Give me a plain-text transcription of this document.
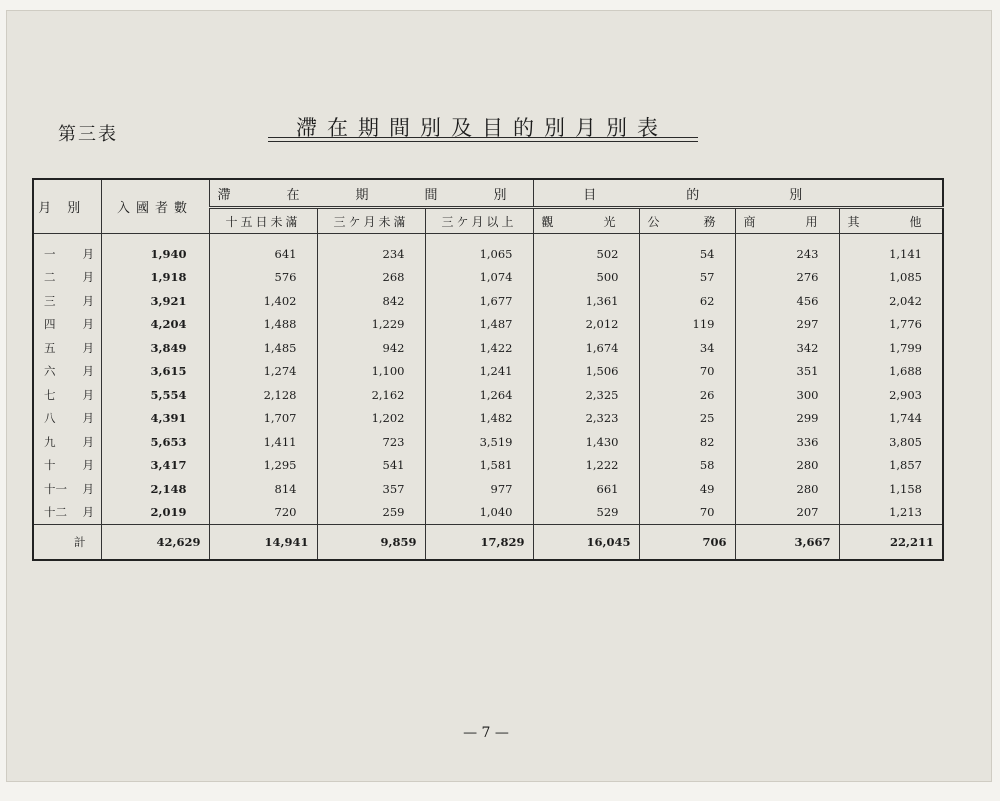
第三表	滯在期間別及目的別月別表
月別	入國者數	滯在期間別			目的別			
		十五日未滿	三ケ月未滿	三ケ月以上	觀光	公務	商用	其他

一 月	1,940	641	234	1,065	502	54	243	1,141

二 月	1,918	576	268	1,074	500	57	276	1,085

三 月	3,921	1,402	842	1,677	1,361	62	456	2,042

四 月	4,204	1,488	1,229	1,487	2,012	119	297	1,776

五 月	3,849	1,485	942	1,422	1,674	34	342	1,799

六 月	3,615	1,274	1,100	1,241	1,506	70	351	1,688

七 月	5,554	2,128	2,162	1,264	2,325	26	300	2,903

八 月	4,391	1,707	1,202	1,482	2,323	25	299	1,744

九 月	5,653	1,411	723	3,519	1,430	82	336	3,805

十 月	3,417	1,295	541	1,581	1,222	58	280	1,857

十一 月	2,148	814	357	977	661	49	280	1,158

十二 月	2,019	720	259	1,040	529	70	207	1,213
計	42,629	14,941	9,859	17,829	16,045	706	3,667	22,211
— 7 —
